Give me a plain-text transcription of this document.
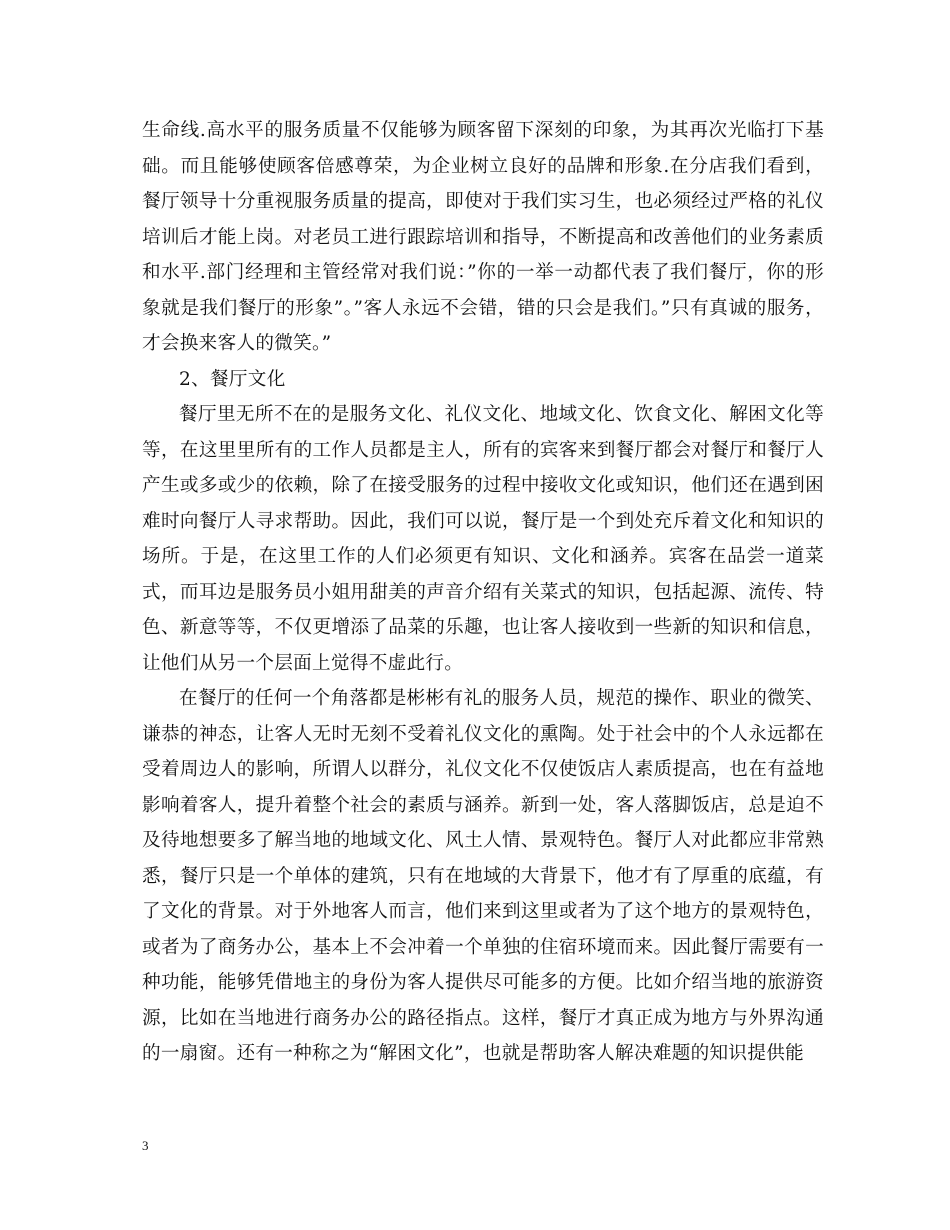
生命线.高水平的服务质量不仅能够为顾客留下深刻的印象，为其再次光临打下基础。而且能够使顾客倍感尊荣，为企业树立良好的品牌和形象.在分店我们看到，餐厅领导十分重视服务质量的提高，即使对于我们实习生，也必须经过严格的礼仪培训后才能上岗。对老员工进行跟踪培训和指导，不断提高和改善他们的业务素质和水平.部门经理和主管经常对我们说：”你的一举一动都代表了我们餐厅，你的形象就是我们餐厅的形象”。”客人永远不会错，错的只会是我们。”只有真诚的服务，才会换来客人的微笑。”

2、餐厅文化

餐厅里无所不在的是服务文化、礼仪文化、地域文化、饮食文化、解困文化等等，在这里里所有的工作人员都是主人，所有的宾客来到餐厅都会对餐厅和餐厅人产生或多或少的依赖，除了在接受服务的过程中接收文化或知识，他们还在遇到困难时向餐厅人寻求帮助。因此，我们可以说，餐厅是一个到处充斥着文化和知识的场所。于是，在这里工作的人们必须更有知识、文化和涵养。宾客在品尝一道菜式，而耳边是服务员小姐用甜美的声音介绍有关菜式的知识，包括起源、流传、特色、新意等等，不仅更增添了品菜的乐趣，也让客人接收到一些新的知识和信息，让他们从另一个层面上觉得不虚此行。

在餐厅的任何一个角落都是彬彬有礼的服务人员，规范的操作、职业的微笑、谦恭的神态，让客人无时无刻不受着礼仪文化的熏陶。处于社会中的个人永远都在受着周边人的影响，所谓人以群分，礼仪文化不仅使饭店人素质提高，也在有益地影响着客人，提升着整个社会的素质与涵养。新到一处，客人落脚饭店，总是迫不及待地想要多了解当地的地域文化、风土人情、景观特色。餐厅人对此都应非常熟悉，餐厅只是一个单体的建筑，只有在地域的大背景下，他才有了厚重的底蕴，有了文化的背景。对于外地客人而言，他们来到这里或者为了这个地方的景观特色，或者为了商务办公，基本上不会冲着一个单独的住宿环境而来。因此餐厅需要有一种功能，能够凭借地主的身份为客人提供尽可能多的方便。比如介绍当地的旅游资源，比如在当地进行商务办公的路径指点。这样，餐厅才真正成为地方与外界沟通的一扇窗。还有一种称之为“解困文化”，也就是帮助客人解决难题的知识提供能

3
